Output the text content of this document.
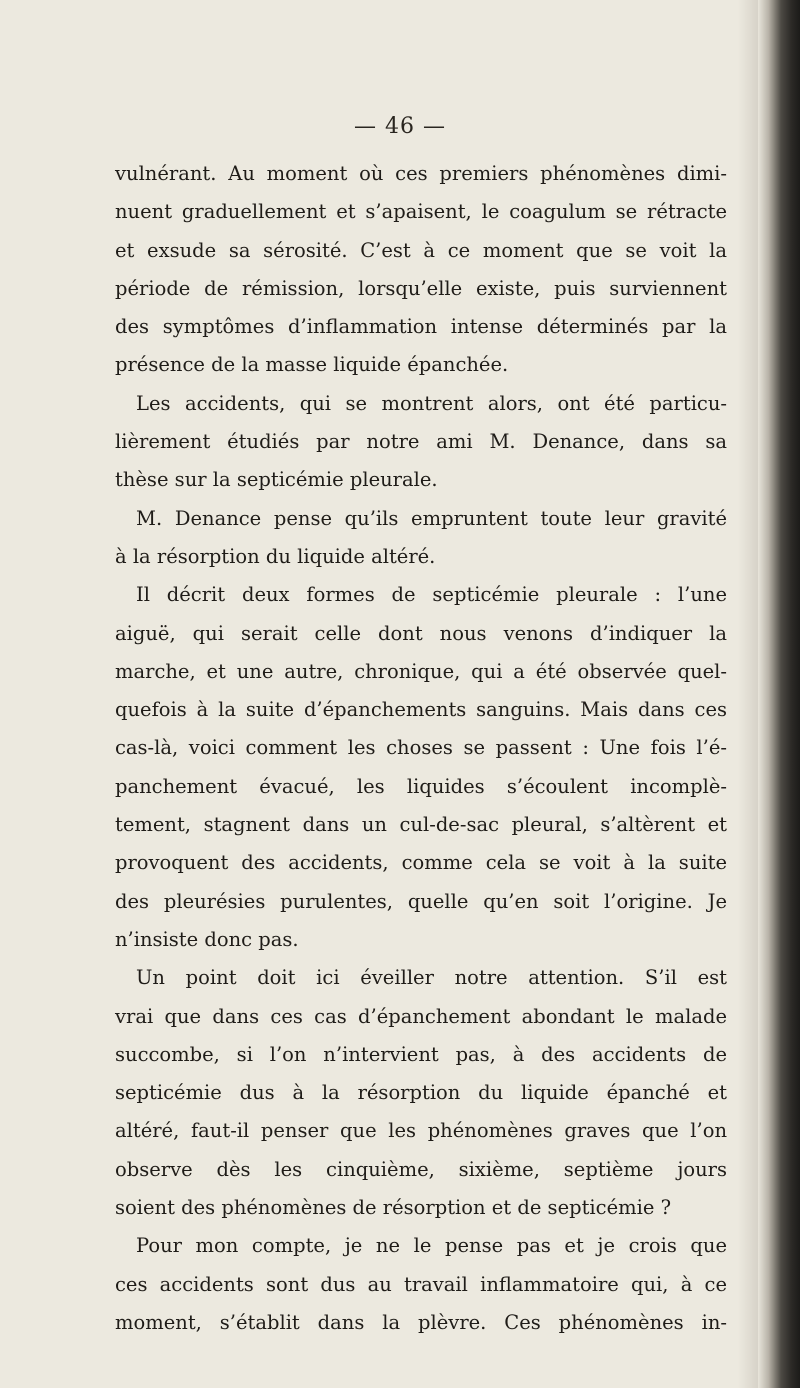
— 46 —
vulnérant. Au moment où ces premiers phénomènes dimi-
nuent graduellement et s’apaisent, le coagulum se rétracte
et exsude sa sérosité. C’est à ce moment que se voit la
période de rémission, lorsqu’elle existe, puis surviennent
des symptômes d’inflammation intense déterminés par la
présence de la masse liquide épanchée.
Les accidents, qui se montrent alors, ont été particu-
lièrement étudiés par notre ami M. Denance, dans sa
thèse sur la septicémie pleurale.
M. Denance pense qu’ils empruntent toute leur gravité
à la résorption du liquide altéré.
Il décrit deux formes de septicémie pleurale : l’une
aiguë, qui serait celle dont nous venons d’indiquer la
marche, et une autre, chronique, qui a été observée quel-
quefois à la suite d’épanchements sanguins. Mais dans ces
cas-là, voici comment les choses se passent : Une fois l’é-
panchement évacué, les liquides s’écoulent incomplè-
tement, stagnent dans un cul-de-sac pleural, s’altèrent et
provoquent des accidents, comme cela se voit à la suite
des pleurésies purulentes, quelle qu’en soit l’origine. Je
n’insiste donc pas.
Un point doit ici éveiller notre attention. S’il est
vrai que dans ces cas d’épanchement abondant le malade
succombe, si l’on n’intervient pas, à des accidents de
septicémie dus à la résorption du liquide épanché et
altéré, faut-il penser que les phénomènes graves que l’on
observe dès les cinquième, sixième, septième jours
soient des phénomènes de résorption et de septicémie ?
Pour mon compte, je ne le pense pas et je crois que
ces accidents sont dus au travail inflammatoire qui, à ce
moment, s’établit dans la plèvre. Ces phénomènes in-
